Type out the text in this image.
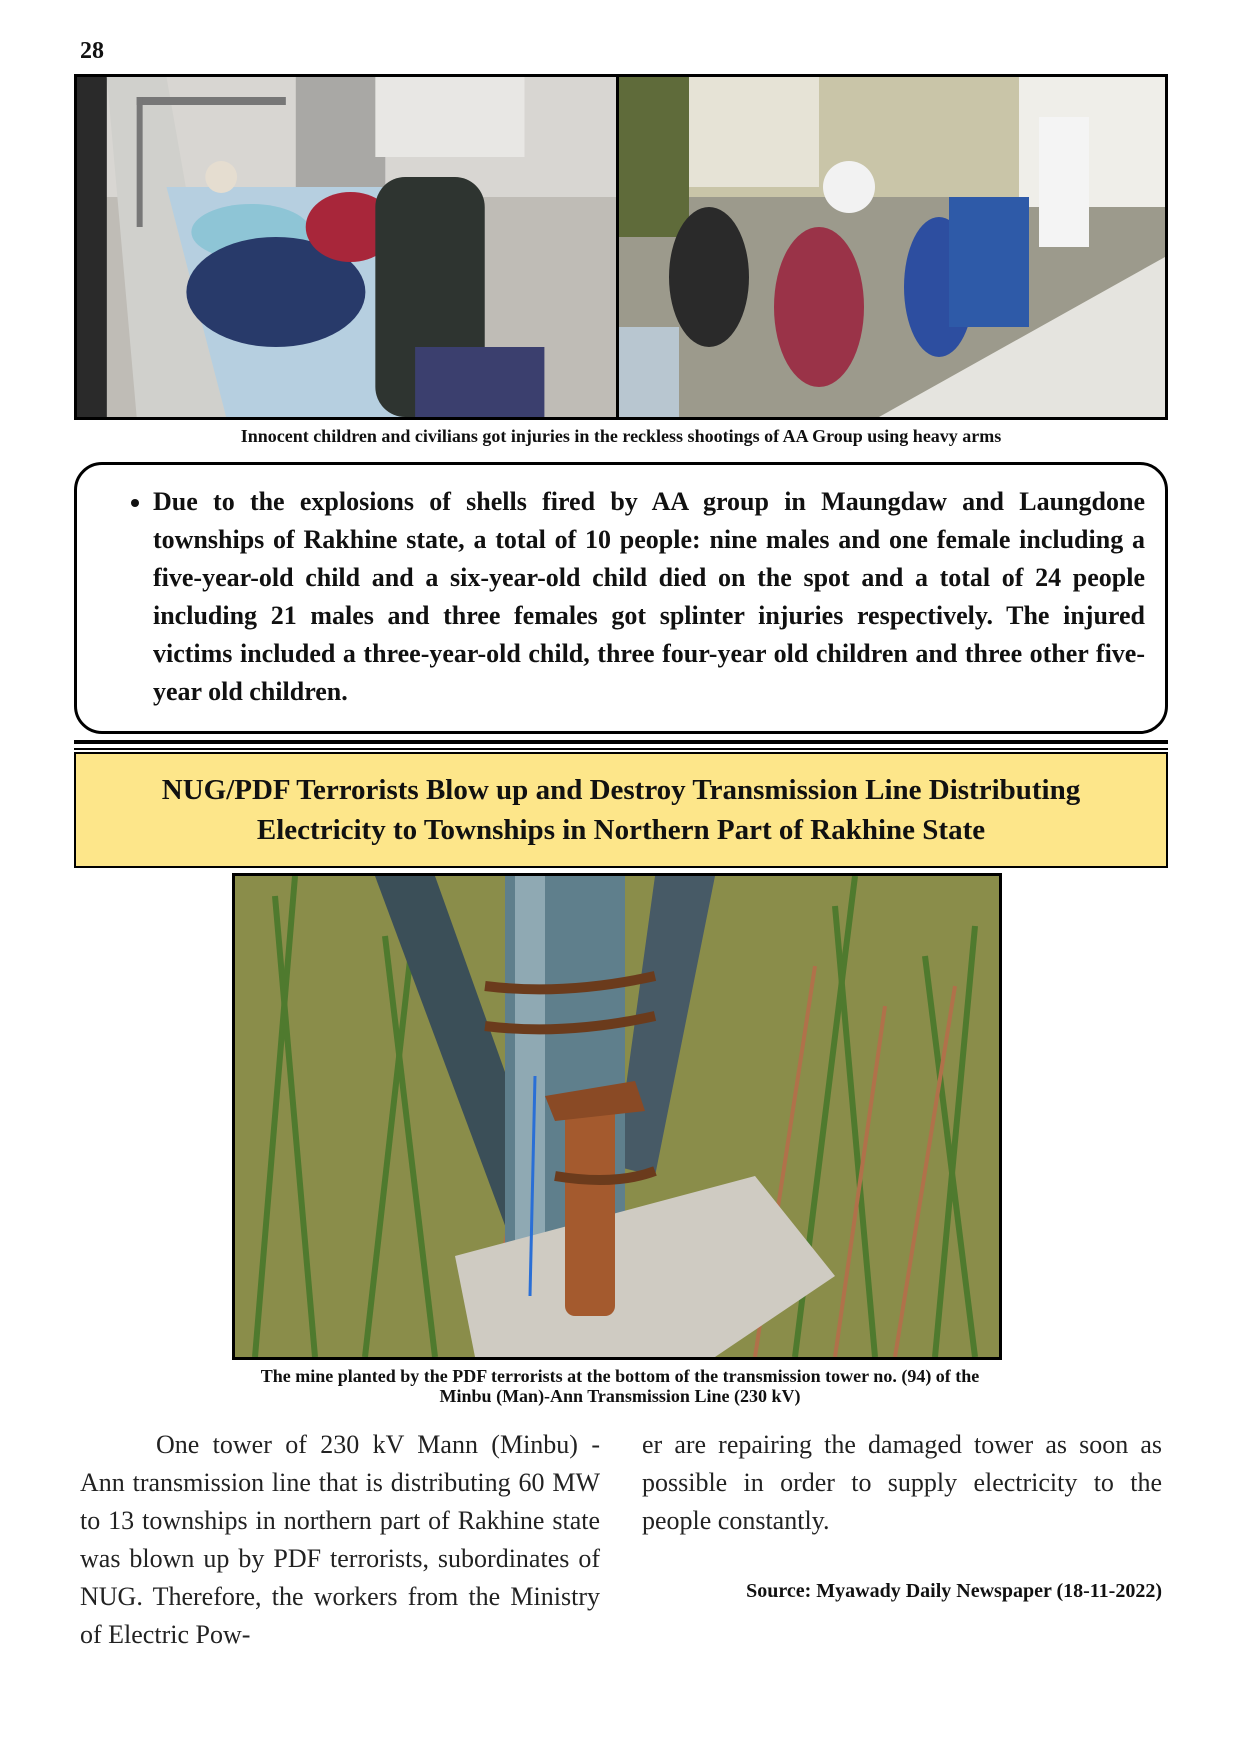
28
Innocent children and civilians got injuries in the reckless shootings of AA Group using heavy arms
• Due to the explosions of shells fired by AA group in Maungdaw and Laungdone townships of Rakhine state, a total of 10 people: nine males and one female including a five-year-old child and a six-year-old child died on the spot and a total of 24 people including 21 males and three females got splinter injuries respectively. The injured victims included a three-year-old child, three four-year old children and three other five-year old children.
NUG/PDF Terrorists Blow up and Destroy Transmission Line Distributing Electricity to Townships in Northern Part of Rakhine State
The mine planted by the PDF terrorists at the bottom of the transmission tower no. (94) of the
Minbu (Man)-Ann Transmission Line (230 kV)

One tower of 230 kV Mann (Minbu) - Ann transmission line that is distributing 60 MW to 13 townships in northern part of Rakhine state was blown up by PDF terrorists, subordinates of NUG. Therefore, the workers from the Ministry of Electric Pow-

er are repairing the damaged tower as soon as possible in order to supply electricity to the people constantly.

Source: Myawady Daily Newspaper (18-11-2022)
